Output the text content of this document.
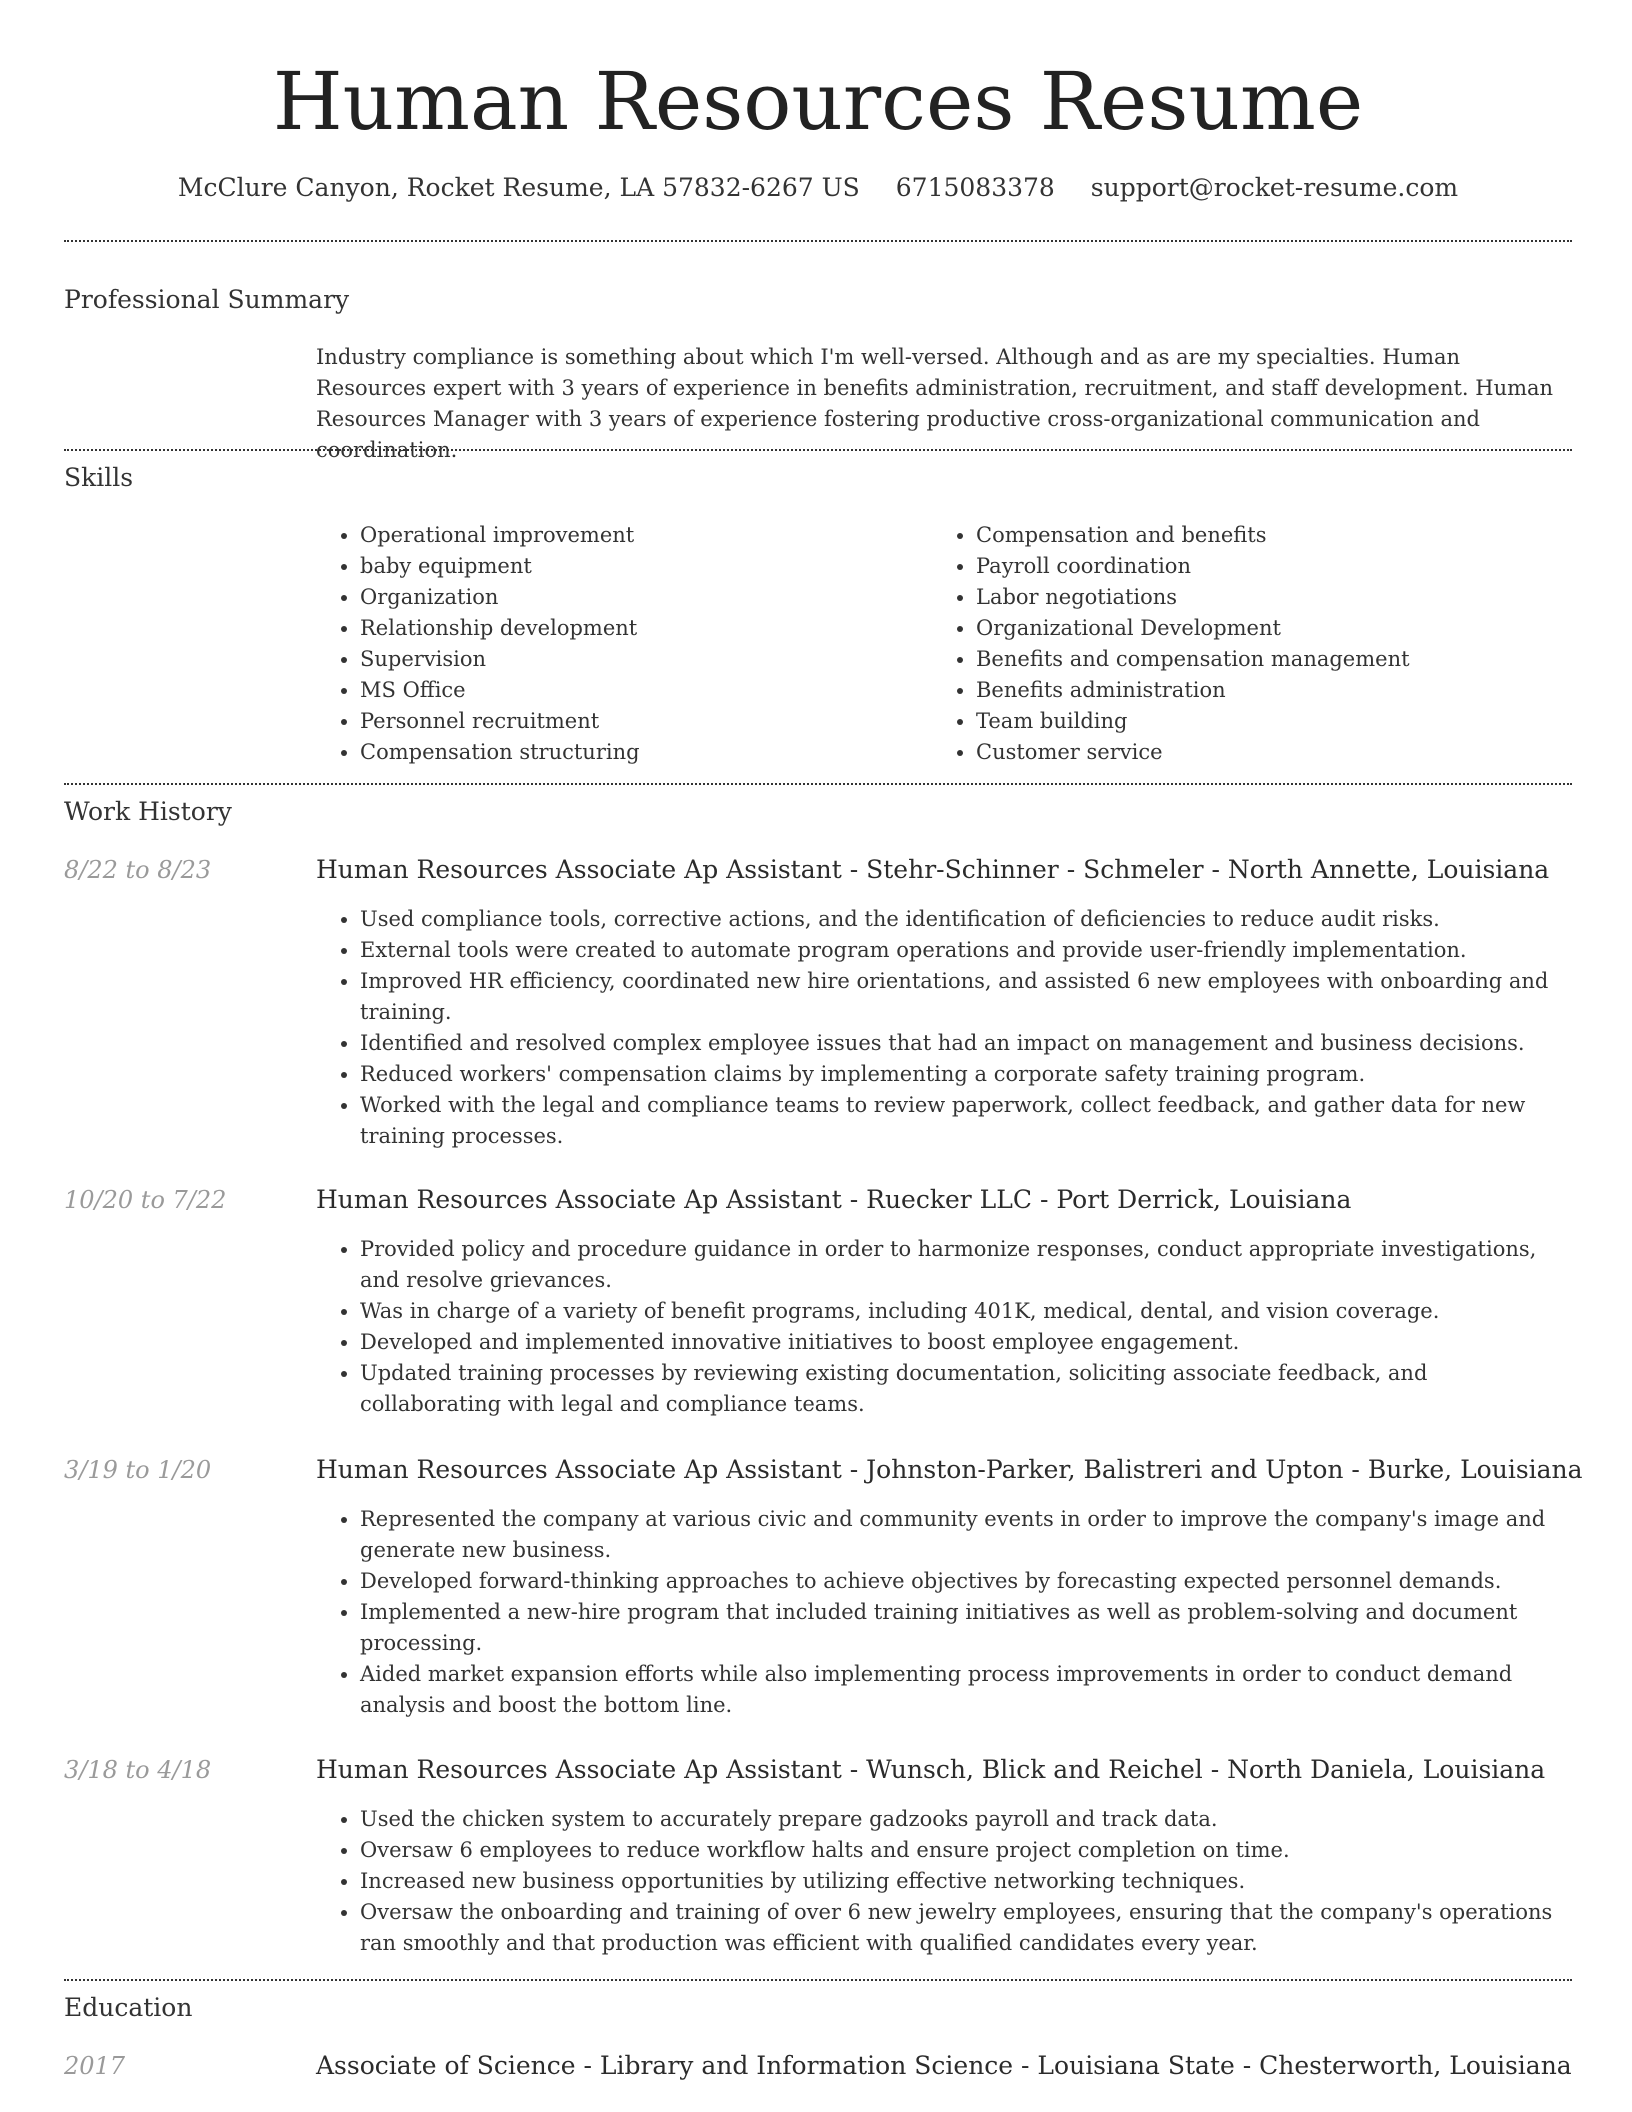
Human Resources Resume
McClure Canyon, Rocket Resume, LA 57832-6267 US 6715083378 support@rocket-resume.com
Professional Summary

Industry compliance is something about which I'm well-versed. Although and as are my specialties. Human Resources expert with 3 years of experience in benefits administration, recruitment, and staff development. Human Resources Manager with 3 years of experience fostering productive cross-organizational communication and coordination.

Skills
• Operational improvement
• baby equipment
• Organization
• Relationship development
• Supervision
• MS Office
• Personnel recruitment
• Compensation structuring
• Compensation and benefits
• Payroll coordination
• Labor negotiations
• Organizational Development
• Benefits and compensation management
• Benefits administration
• Team building
• Customer service
Work History
8/22 to 8/23	Human Resources Associate Ap Assistant - Stehr-Schinner - Schmeler - North Annette, Louisiana
• Used compliance tools, corrective actions, and the identification of deficiencies to reduce audit risks.
• External tools were created to automate program operations and provide user-friendly implementation.
• Improved HR efficiency, coordinated new hire orientations, and assisted 6 new employees with onboarding and training.
• Identified and resolved complex employee issues that had an impact on management and business decisions.
• Reduced workers' compensation claims by implementing a corporate safety training program.
• Worked with the legal and compliance teams to review paperwork, collect feedback, and gather data for new training processes.
10/20 to 7/22	Human Resources Associate Ap Assistant - Ruecker LLC - Port Derrick, Louisiana
• Provided policy and procedure guidance in order to harmonize responses, conduct appropriate investigations, and resolve grievances.
• Was in charge of a variety of benefit programs, including 401K, medical, dental, and vision coverage.
• Developed and implemented innovative initiatives to boost employee engagement.
• Updated training processes by reviewing existing documentation, soliciting associate feedback, and collaborating with legal and compliance teams.
3/19 to 1/20	Human Resources Associate Ap Assistant - Johnston-Parker, Balistreri and Upton - Burke, Louisiana
• Represented the company at various civic and community events in order to improve the company's image and generate new business.
• Developed forward-thinking approaches to achieve objectives by forecasting expected personnel demands.
• Implemented a new-hire program that included training initiatives as well as problem-solving and document processing.
• Aided market expansion efforts while also implementing process improvements in order to conduct demand analysis and boost the bottom line.
3/18 to 4/18	Human Resources Associate Ap Assistant - Wunsch, Blick and Reichel - North Daniela, Louisiana
• Used the chicken system to accurately prepare gadzooks payroll and track data.
• Oversaw 6 employees to reduce workflow halts and ensure project completion on time.
• Increased new business opportunities by utilizing effective networking techniques.
• Oversaw the onboarding and training of over 6 new jewelry employees, ensuring that the company's operations ran smoothly and that production was efficient with qualified candidates every year.
Education
2017	Associate of Science - Library and Information Science - Louisiana State - Chesterworth, Louisiana
